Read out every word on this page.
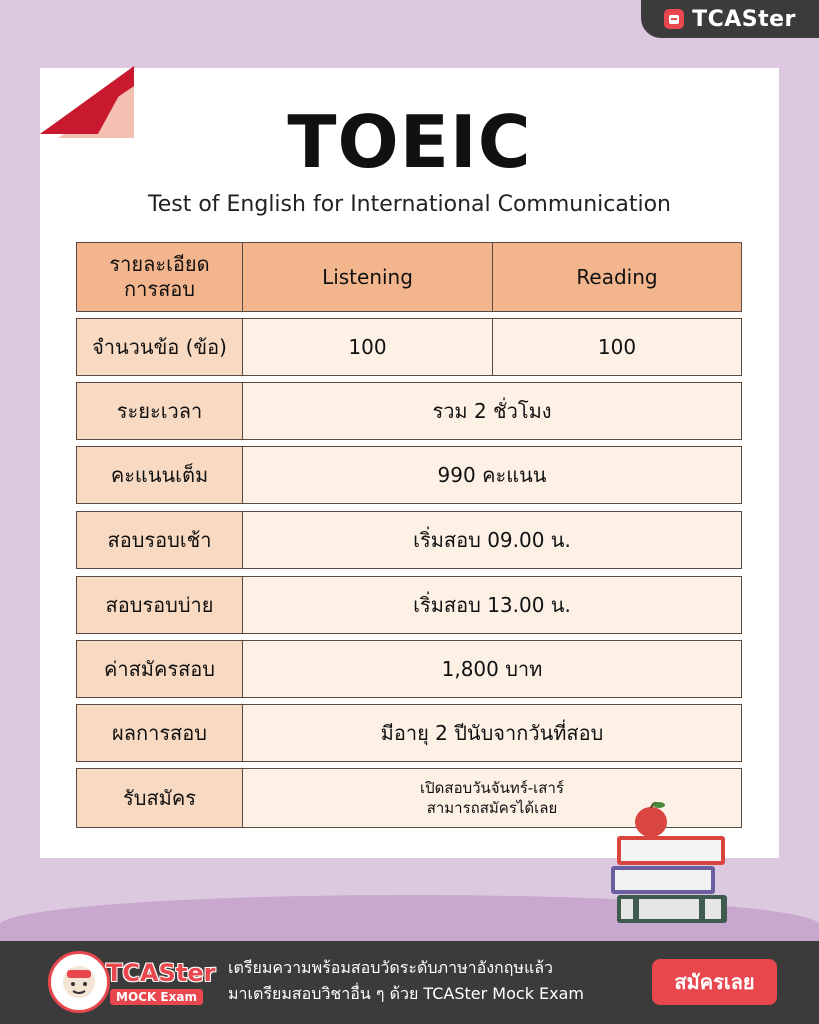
TCASter
TOEIC
Test of English for International Communication
รายละเอียด
การสอบ	Listening	Reading
จำนวนข้อ (ข้อ)	100	100
ระยะเวลา	รวม 2 ชั่วโมง
คะแนนเต็ม	990 คะแนน
สอบรอบเช้า	เริ่มสอบ 09.00 น.
สอบรอบบ่าย	เริ่มสอบ 13.00 น.
ค่าสมัครสอบ	1,800 บาท
ผลการสอบ	มีอายุ 2 ปีนับจากวันที่สอบ
รับสมัคร	เปิดสอบวันจันทร์-เสาร์
สามารถสมัครได้เลย
TCASter
MOCK Exam
เตรียมความพร้อมสอบวัดระดับภาษาอังกฤษแล้ว
มาเตรียมสอบวิชาอื่น ๆ ด้วย TCASter Mock Exam	สมัครเลย
